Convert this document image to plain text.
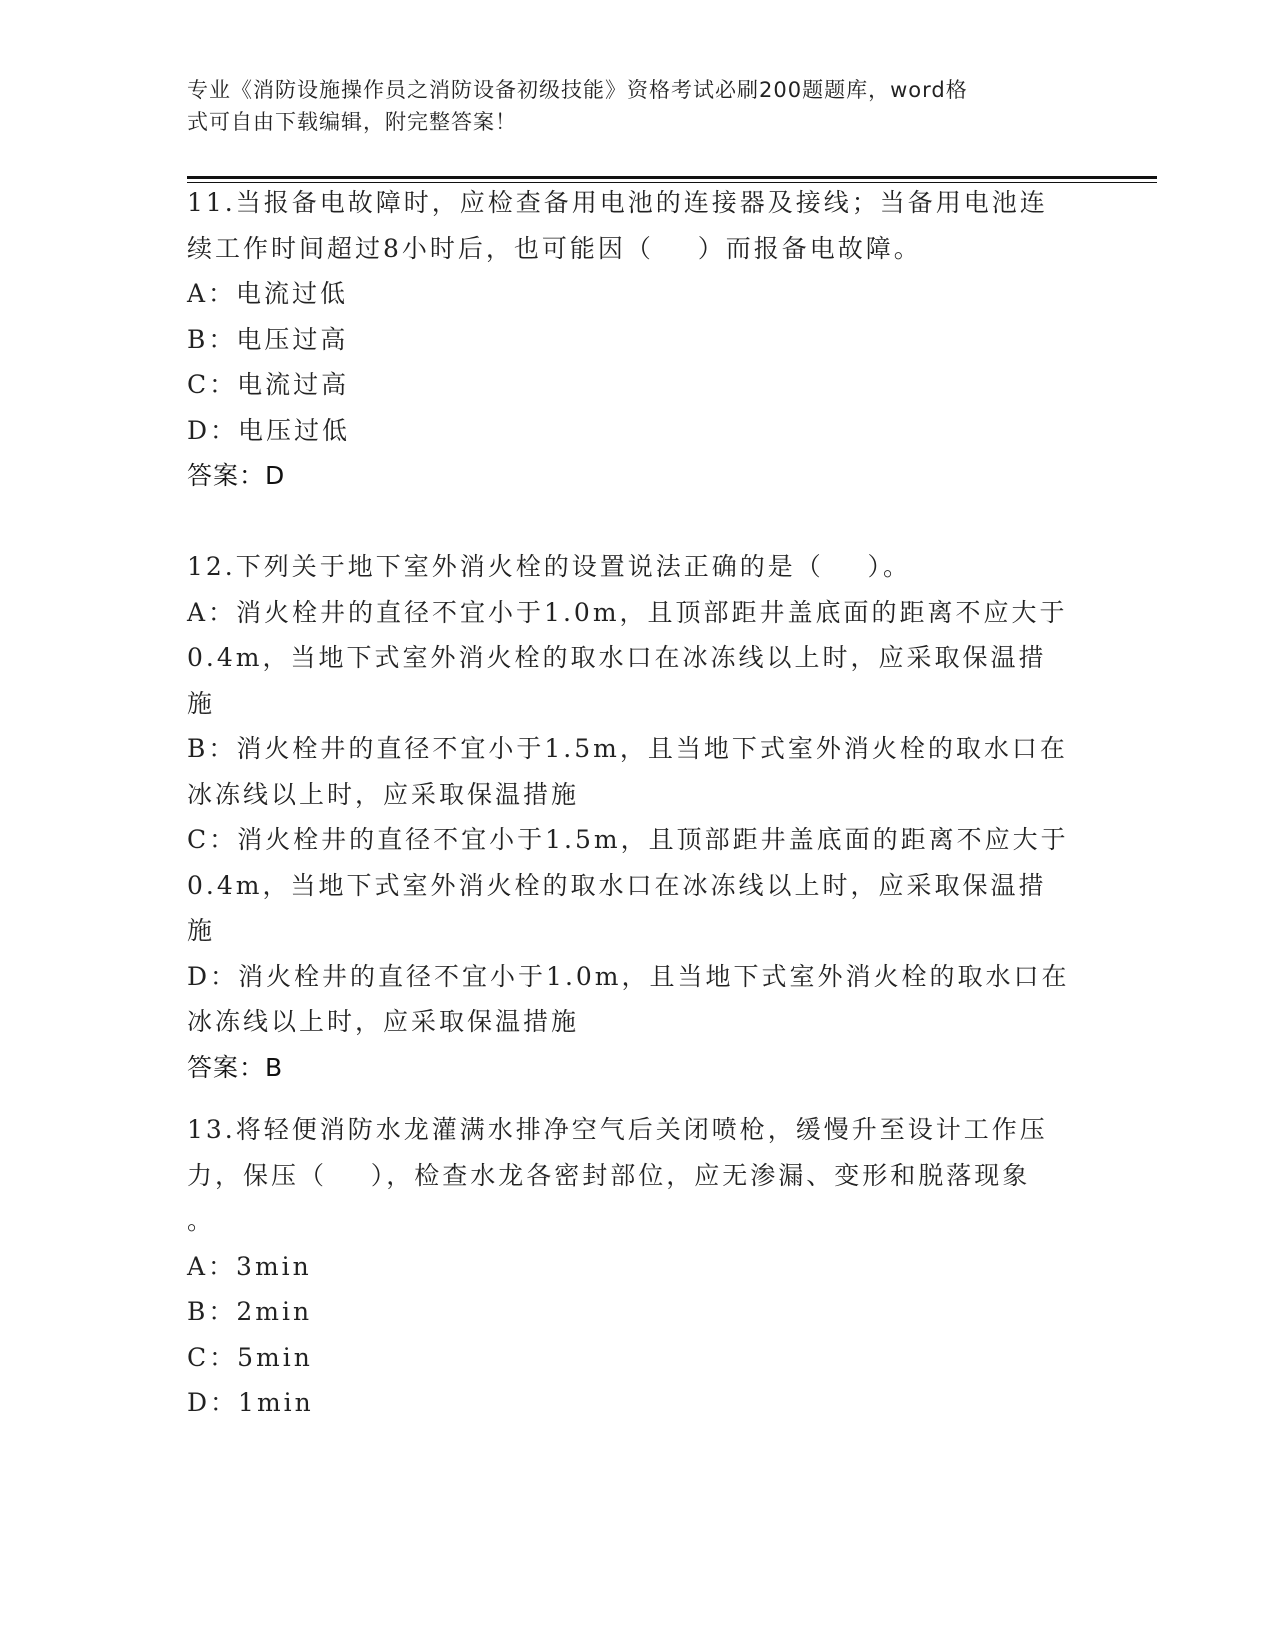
专业《消防设施操作员之消防设备初级技能》资格考试必刷200题题库，word格
式可自由下载编辑，附完整答案！
11.当报备电故障时，应检查备用电池的连接器及接线；当备用电池连
续工作时间超过8小时后，也可能因（    ）而报备电故障。
A：电流过低
B：电压过高
C：电流过高
D：电压过低
答案：D
12.下列关于地下室外消火栓的设置说法正确的是（    ）。
A：消火栓井的直径不宜小于1.0m，且顶部距井盖底面的距离不应大于
0.4m，当地下式室外消火栓的取水口在冰冻线以上时，应采取保温措
施
B：消火栓井的直径不宜小于1.5m，且当地下式室外消火栓的取水口在
冰冻线以上时，应采取保温措施
C：消火栓井的直径不宜小于1.5m，且顶部距井盖底面的距离不应大于
0.4m，当地下式室外消火栓的取水口在冰冻线以上时，应采取保温措
施
D：消火栓井的直径不宜小于1.0m，且当地下式室外消火栓的取水口在
冰冻线以上时，应采取保温措施
答案：B
13.将轻便消防水龙灌满水排净空气后关闭喷枪，缓慢升至设计工作压
力，保压（    ），检查水龙各密封部位，应无渗漏、变形和脱落现象
。
A：3min
B：2min
C：5min
D：1min
